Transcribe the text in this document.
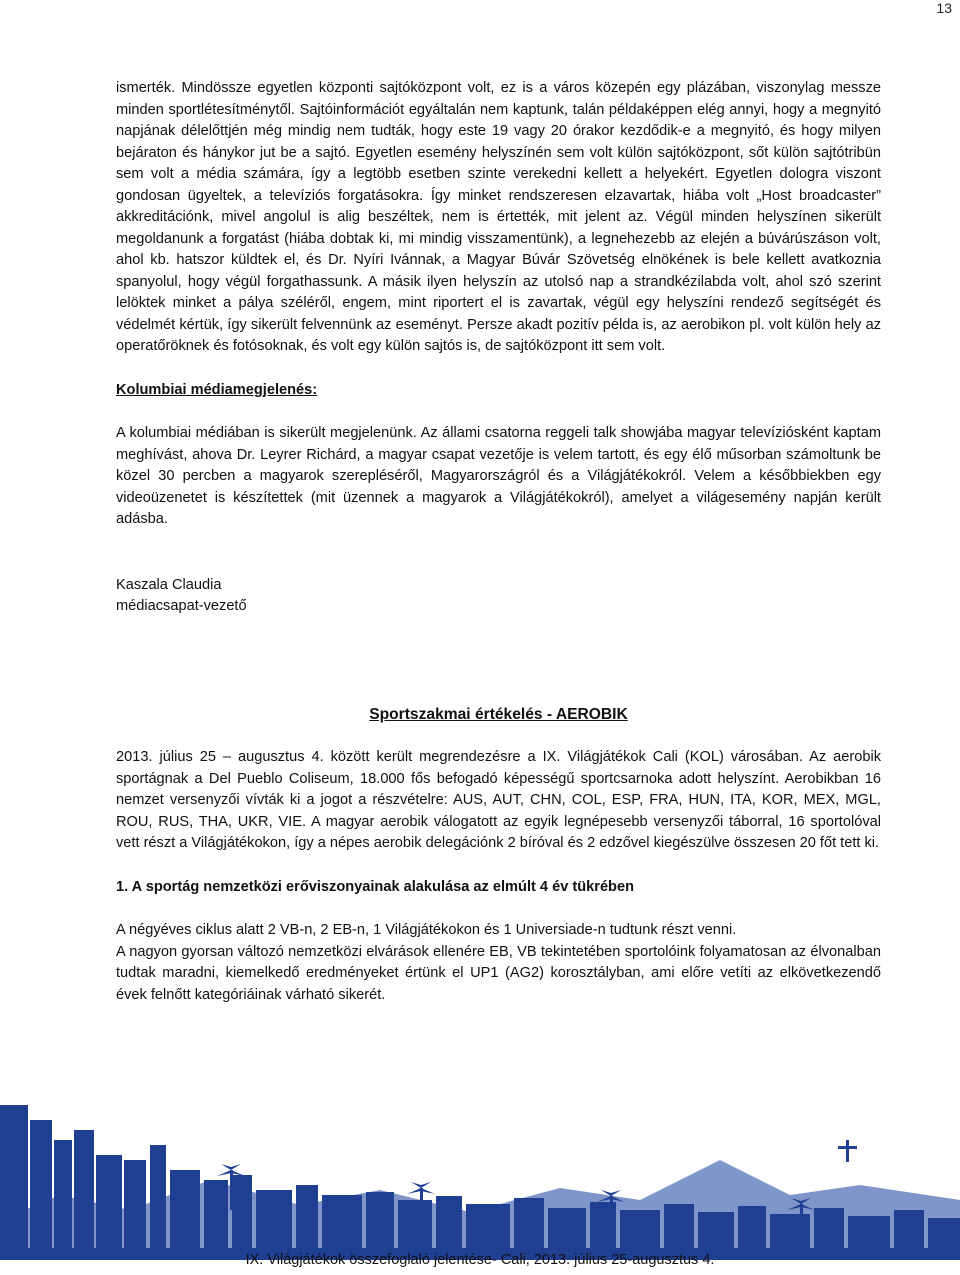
13

ismerték. Mindössze egyetlen központi sajtóközpont volt, ez is a város közepén egy plázában, viszonylag messze minden sportlétesítménytől. Sajtóinformációt egyáltalán nem kaptunk, talán példaképpen elég annyi, hogy a megnyitó napjának délelőttjén még mindig nem tudták, hogy este 19 vagy 20 órakor kezdődik-e a megnyitó, és hogy milyen bejáraton és hánykor jut be a sajtó. Egyetlen esemény helyszínén sem volt külön sajtóközpont, sőt külön sajtótribün sem volt a média számára, így a legtöbb esetben szinte verekedni kellett a helyekért. Egyetlen dologra viszont gondosan ügyeltek, a televíziós forgatásokra. Így minket rendszeresen elzavartak, hiába volt „Host broadcaster” akkreditációnk, mivel angolul is alig beszéltek, nem is értették, mit jelent az. Végül minden helyszínen sikerült megoldanunk a forgatást (hiába dobtak ki, mi mindig visszamentünk), a legnehezebb az elején a búvárúszáson volt, ahol kb. hatszor küldtek el, és Dr. Nyíri Ivánnak, a Magyar Búvár Szövetség elnökének is bele kellett avatkoznia spanyolul, hogy végül forgathassunk. A másik ilyen helyszín az utolsó nap a strandkézilabda volt, ahol szó szerint lelöktek minket a pálya széléről, engem, mint riportert el is zavartak, végül egy helyszíni rendező segítségét és védelmét kértük, így sikerült felvennünk az eseményt. Persze akadt pozitív példa is, az aerobikon pl. volt külön hely az operatőröknek és fotósoknak, és volt egy külön sajtós is, de sajtóközpont itt sem volt.

Kolumbiai médiamegjelenés:

A kolumbiai médiában is sikerült megjelenünk. Az állami csatorna reggeli talk showjába magyar televíziósként kaptam meghívást, ahova Dr. Leyrer Richárd, a magyar csapat vezetője is velem tartott, és egy élő műsorban számoltunk be közel 30 percben a magyarok szerepléséről, Magyarországról és a Világjátékokról. Velem a későbbiekben egy videoüzenetet is készítettek (mit üzennek a magyarok a Világjátékokról), amelyet a világesemény napján került adásba.

Kaszala Claudia

médiacsapat-vezető

Sportszakmai értékelés - AEROBIK

2013. július 25 – augusztus 4. között került megrendezésre a IX. Világjátékok Cali (KOL) városában. Az aerobik sportágnak a Del Pueblo Coliseum, 18.000 fős befogadó képességű sportcsarnoka adott helyszínt. Aerobikban 16 nemzet versenyzői vívták ki a jogot a részvételre: AUS, AUT, CHN, COL, ESP, FRA, HUN, ITA, KOR, MEX, MGL, ROU, RUS, THA, UKR, VIE. A magyar aerobik válogatott az egyik legnépesebb versenyzői táborral, 16 sportolóval vett részt a Világjátékokon, így a népes aerobik delegációnk 2 bíróval és 2 edzővel kiegészülve összesen 20 főt tett ki.

1. A sportág nemzetközi erőviszonyainak alakulása az elmúlt 4 év tükrében

A négyéves ciklus alatt 2 VB-n, 2 EB-n, 1 Világjátékokon és 1 Universiade-n tudtunk részt venni.

A nagyon gyorsan változó nemzetközi elvárások ellenére EB, VB tekintetében sportolóink folyamatosan az élvonalban tudtak maradni, kiemelkedő eredményeket értünk el UP1 (AG2) korosztályban, ami előre vetíti az elkövetkezendő évek felnőtt kategóriáinak várható sikerét.

IX. Világjátékok összefoglaló jelentése- Cali, 2013. július 25-augusztus 4.
